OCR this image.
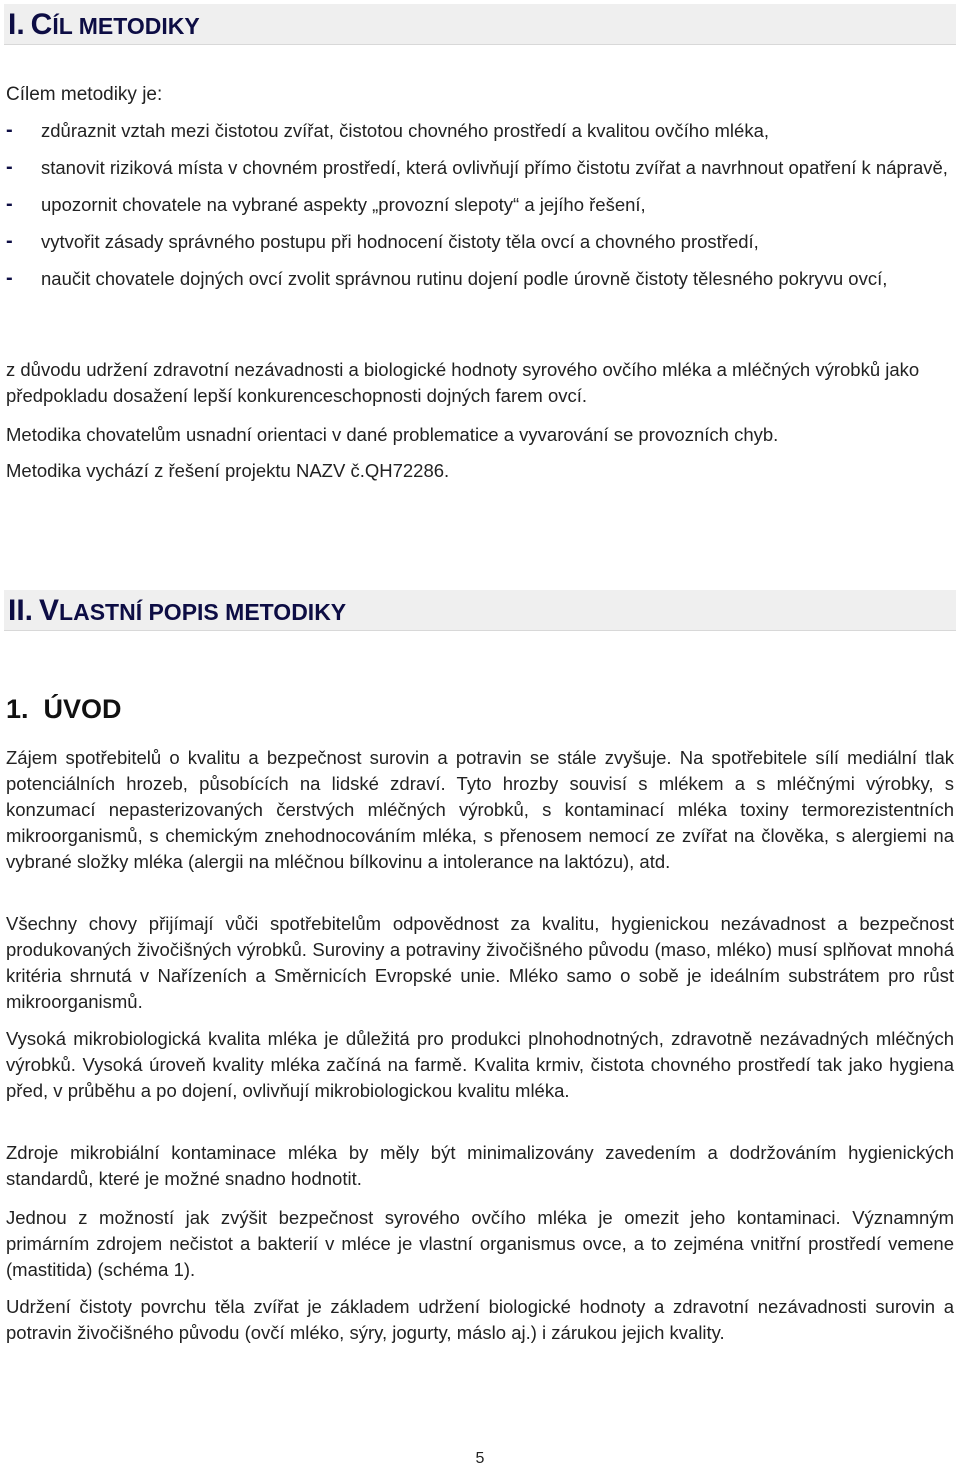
I. CÍL METODIKY
Cílem metodiky je:
- zdůraznit vztah mezi čistotou zvířat, čistotou chovného prostředí a kvalitou ovčího mléka,
- stanovit riziková místa v chovném prostředí, která ovlivňují přímo čistotu zvířat a navrhnout opatření k nápravě,
- upozornit chovatele na vybrané aspekty „provozní slepoty“ a jejího řešení,
- vytvořit zásady správného postupu při hodnocení čistoty těla ovcí a chovného prostředí,
- naučit chovatele dojných ovcí zvolit správnou rutinu dojení podle úrovně čistoty tělesného pokryvu ovcí,
z důvodu udržení zdravotní nezávadnosti a biologické hodnoty syrového ovčího mléka a mléčných výrobků jako předpokladu dosažení lepší konkurenceschopnosti dojných farem ovcí.
Metodika chovatelům usnadní orientaci v dané problematice a vyvarování se provozních chyb.
Metodika vychází z řešení projektu NAZV č.QH72286.
II. VLASTNÍ POPIS METODIKY
1.  ÚVOD
Zájem spotřebitelů o kvalitu a bezpečnost surovin a potravin se stále zvyšuje. Na spotřebitele sílí mediální tlak potenciálních hrozeb, působících na lidské zdraví. Tyto hrozby souvisí s mlékem a s mléčnými výrobky, s konzumací nepasterizovaných čerstvých mléčných výrobků, s kontaminací mléka toxiny termorezistentních mikroorganismů, s chemickým znehodnocováním mléka, s přenosem nemocí ze zvířat na člověka, s alergiemi na vybrané složky mléka (alergii na mléčnou bílkovinu a intolerance na laktózu), atd.
Všechny chovy přijímají vůči spotřebitelům odpovědnost za kvalitu, hygienickou nezávadnost a bezpečnost produkovaných živočišných výrobků. Suroviny a potraviny živočišného původu (maso, mléko) musí splňovat mnohá kritéria shrnutá v Nařízeních a Směrnicích Evropské unie. Mléko samo o sobě je ideálním substrátem pro růst mikroorganismů.
Vysoká mikrobiologická kvalita mléka je důležitá pro produkci plnohodnotných, zdravotně nezávadných mléčných výrobků. Vysoká úroveň kvality mléka začíná na farmě. Kvalita krmiv, čistota chovného prostředí tak jako hygiena před, v průběhu a po dojení, ovlivňují mikrobiologickou kvalitu mléka.
Zdroje mikrobiální kontaminace mléka by měly být minimalizovány zavedením a dodržováním hygienických standardů, které je možné snadno hodnotit.
Jednou z možností jak zvýšit bezpečnost syrového ovčího mléka je omezit jeho kontaminaci. Významným primárním zdrojem nečistot a bakterií v mléce je vlastní organismus ovce, a to zejména vnitřní prostředí vemene (mastitida) (schéma 1).
Udržení čistoty povrchu těla zvířat je základem udržení biologické hodnoty a zdravotní nezávadnosti surovin a potravin živočišného původu (ovčí mléko, sýry, jogurty, máslo aj.) i zárukou jejich kvality.
5
